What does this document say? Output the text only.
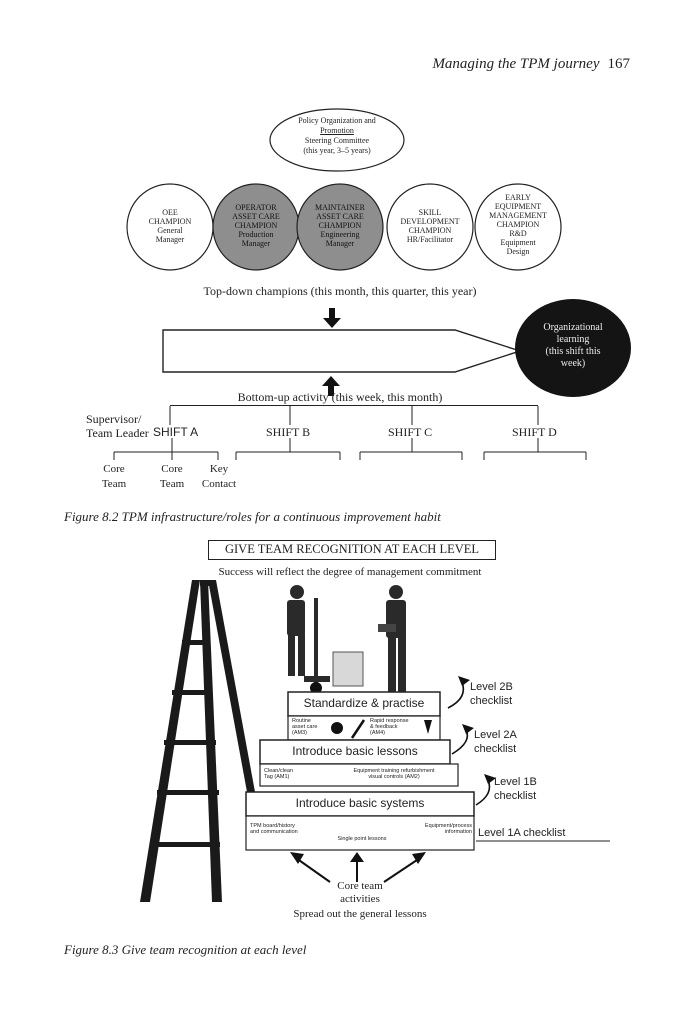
Managing the TPM journey 167
Policy Organization and
Promotion
Steering Committee
(this year, 3–5 years)
OEE
CHAMPION
General
Manager
OPERATOR
ASSET CARE
CHAMPION
Production
Manager
MAINTAINER
ASSET CARE
CHAMPION
Engineering
Manager
SKILL
DEVELOPMENT
CHAMPION
HR/Facilitator
EARLY
EQUIPMENT
MANAGEMENT
CHAMPION
R&D
Equipment
Design
Top-down champions (this month, this quarter, this year)
Organizational
learning
(this shift this
week)
Bottom-up activity (this week, this month)
Supervisor/
Team Leader SHIFT A	SHIFT B	SHIFT C	SHIFT D
Core
Team
Core
Team
Key
Contact
Figure 8.2 TPM infrastructure/roles for a continuous improvement habit
GIVE TEAM RECOGNITION AT EACH LEVEL
Success will reflect the degree of management commitment
Standardize & practise
Introduce basic lessons
Introduce basic systems
Routine
asset care
(AM3)
Rapid response
& feedback
(AM4)
Clean/clean
Tag (AM1)
Equipment training refurbishment
visual controls (AM2)
TPM board/history
and communication
Single point lessons
Equipment/process
information
Level 2B
checklist
Level 2A
checklist
Level 1B
checklist
Level 1A checklist
Core team
activities
Spread out the general lessons
Figure 8.3 Give team recognition at each level
